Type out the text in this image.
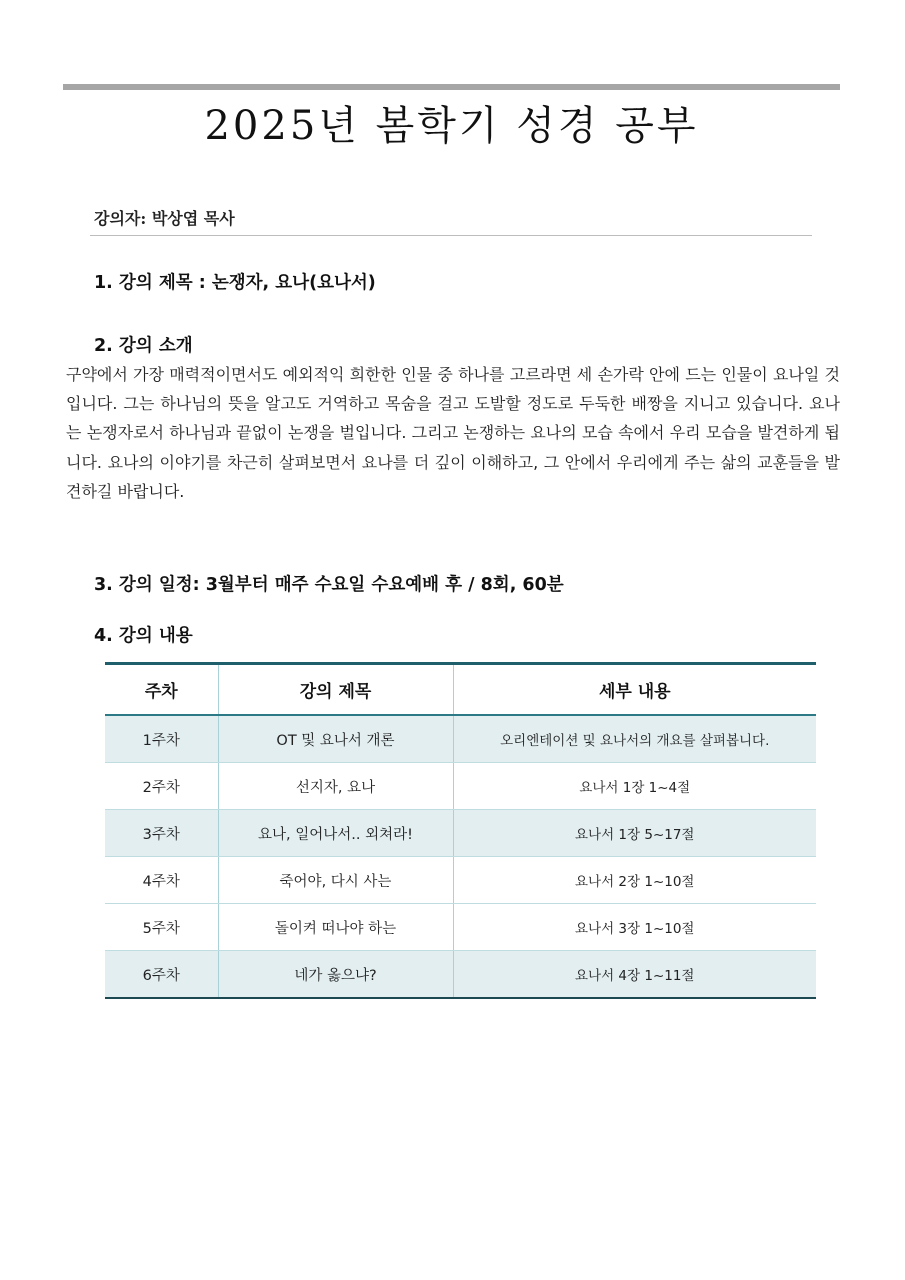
2025년 봄학기 성경 공부
강의자: 박상엽 목사
1. 강의 제목 : 논쟁자, 요나(요나서)
2. 강의 소개

구약에서 가장 매력적이면서도 예외적익 희한한 인물 중 하나를 고르라면 세 손가락 안에 드는 인물이 요나일 것입니다. 그는 하나님의 뜻을 알고도 거역하고 목숨을 걸고 도발할 정도로 두둑한 배짱을 지니고 있습니다. 요나는 논쟁자로서 하나님과 끝없이 논쟁을 벌입니다. 그리고 논쟁하는 요나의 모습 속에서 우리 모습을 발견하게 됩니다. 요나의 이야기를 차근히 살펴보면서 요나를 더 깊이 이해하고, 그 안에서 우리에게 주는 삶의 교훈들을 발견하길 바랍니다.

3. 강의 일정: 3월부터 매주 수요일 수요예배 후 / 8회, 60분
4. 강의 내용
주차	강의 제목	세부 내용
1주차	OT 및 요나서 개론	오리엔테이션 및 요나서의 개요를 살펴봅니다.
2주차	선지자, 요나	요나서 1장 1~4절
3주차	요나, 일어나서.. 외쳐라!	요나서 1장 5~17절
4주차	죽어야, 다시 사는	요나서 2장 1~10절
5주차	돌이켜 떠나야 하는	요나서 3장 1~10절
6주차	네가 옳으냐?	요나서 4장 1~11절
